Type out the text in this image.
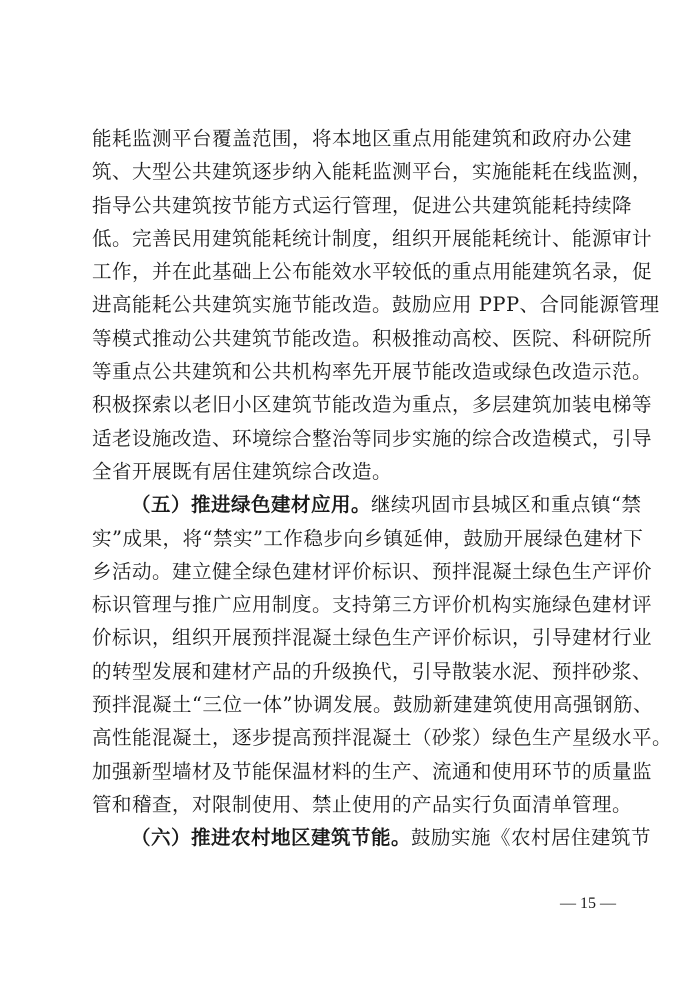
能耗监测平台覆盖范围，将本地区重点用能建筑和政府办公建
筑、大型公共建筑逐步纳入能耗监测平台，实施能耗在线监测，
指导公共建筑按节能方式运行管理，促进公共建筑能耗持续降
低。完善民用建筑能耗统计制度，组织开展能耗统计、能源审计
工作，并在此基础上公布能效水平较低的重点用能建筑名录，促
进高能耗公共建筑实施节能改造。鼓励应用 PPP、合同能源管理
等模式推动公共建筑节能改造。积极推动高校、医院、科研院所
等重点公共建筑和公共机构率先开展节能改造或绿色改造示范。
积极探索以老旧小区建筑节能改造为重点，多层建筑加装电梯等
适老设施改造、环境综合整治等同步实施的综合改造模式，引导
全省开展既有居住建筑综合改造。
（五）推进绿色建材应用。继续巩固市县城区和重点镇“禁
实”成果，将“禁实”工作稳步向乡镇延伸，鼓励开展绿色建材下
乡活动。建立健全绿色建材评价标识、预拌混凝土绿色生产评价
标识管理与推广应用制度。支持第三方评价机构实施绿色建材评
价标识，组织开展预拌混凝土绿色生产评价标识，引导建材行业
的转型发展和建材产品的升级换代，引导散装水泥、预拌砂浆、
预拌混凝土“三位一体”协调发展。鼓励新建建筑使用高强钢筋、
高性能混凝土，逐步提高预拌混凝土（砂浆）绿色生产星级水平。
加强新型墙材及节能保温材料的生产、流通和使用环节的质量监
管和稽查，对限制使用、禁止使用的产品实行负面清单管理。
（六）推进农村地区建筑节能。鼓励实施《农村居住建筑节
— 15 —
